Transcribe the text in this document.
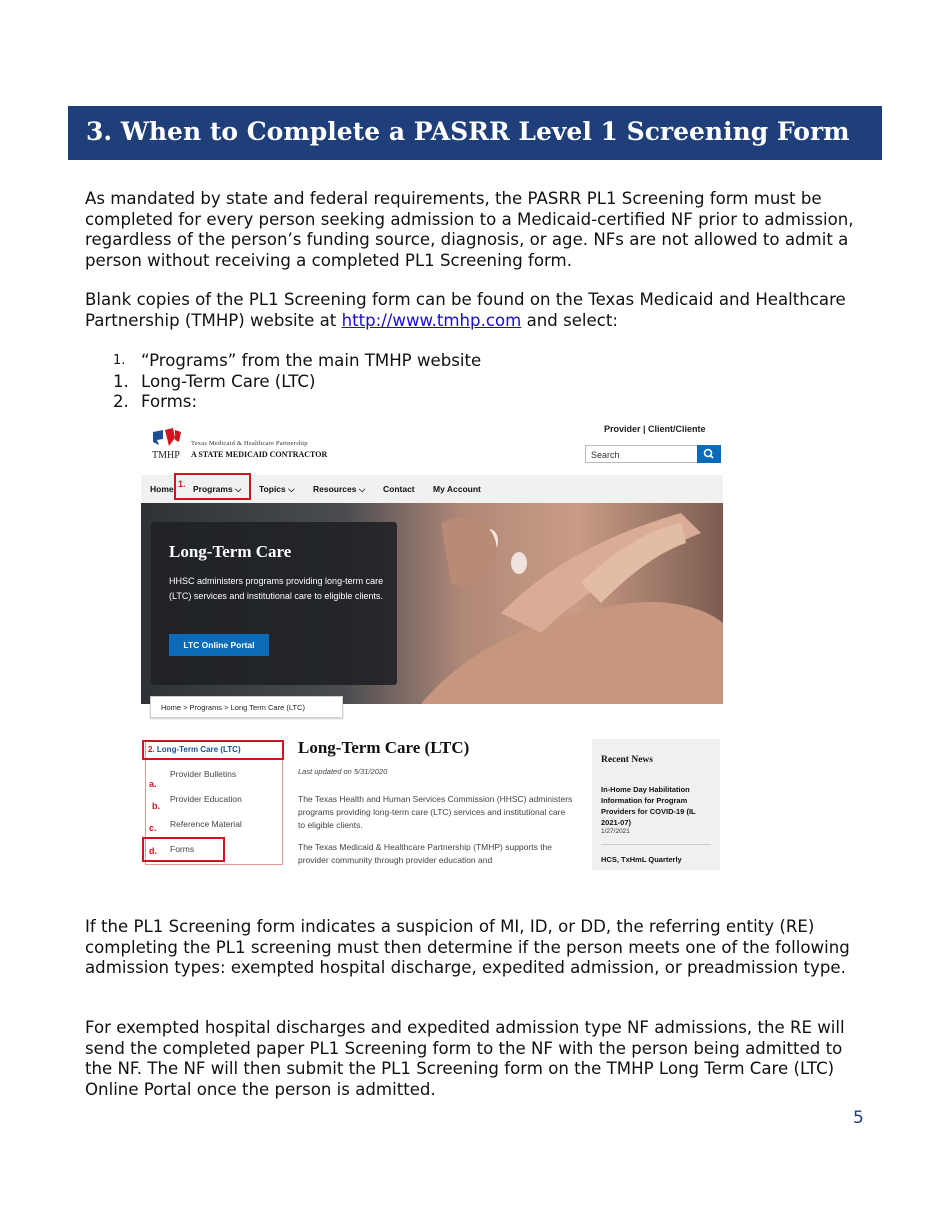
3. When to Complete a PASRR Level 1 Screening Form

As mandated by state and federal requirements, the PASRR PL1 Screening form must be completed for every person seeking admission to a Medicaid-certified NF prior to admission, regardless of the person’s funding source, diagnosis, or age. NFs are not allowed to admit a person without receiving a completed PL1 Screening form.

Blank copies of the PL1 Screening form can be found on the Texas Medicaid and Healthcare Partnership (TMHP) website at http://www.tmhp.com and select:

1. “Programs” from the main TMHP website
1. Long-Term Care (LTC)
2. Forms:
TMHP
Texas Medicaid & Healthcare Partnership
A STATE MEDICAID CONTRACTOR
Provider | Client/Cliente
Search
Home Programs ⌵ Topics ⌵ Resources ⌵ Contact My Account
1.
Long-Term Care
HHSC administers programs providing long-term care (LTC) services and institutional care to eligible clients.
LTC Online Portal
Home > Programs > Long Term Care (LTC)
Provider Bulletins
Provider Education
Reference Material
Forms
2. Long-Term Care (LTC)
a.
b.
c.
d.
Long-Term Care (LTC)
Last updated on 5/31/2020
The Texas Health and Human Services Commission (HHSC) administers programs providing long-term care (LTC) services and institutional care to eligible clients.
The Texas Medicaid & Healthcare Partnership (TMHP) supports the provider community through provider education and
Recent News
In-Home Day Habilitation Information for Program Providers for COVID-19 (IL 2021-07)
1/27/2021
HCS, TxHmL Quarterly

If the PL1 Screening form indicates a suspicion of MI, ID, or DD, the referring entity (RE) completing the PL1 screening must then determine if the person meets one of the following admission types: exempted hospital discharge, expedited admission, or preadmission type.

For exempted hospital discharges and expedited admission type NF admissions, the RE will send the completed paper PL1 Screening form to the NF with the person being admitted to the NF. The NF will then submit the PL1 Screening form on the TMHP Long Term Care (LTC) Online Portal once the person is admitted.

5
